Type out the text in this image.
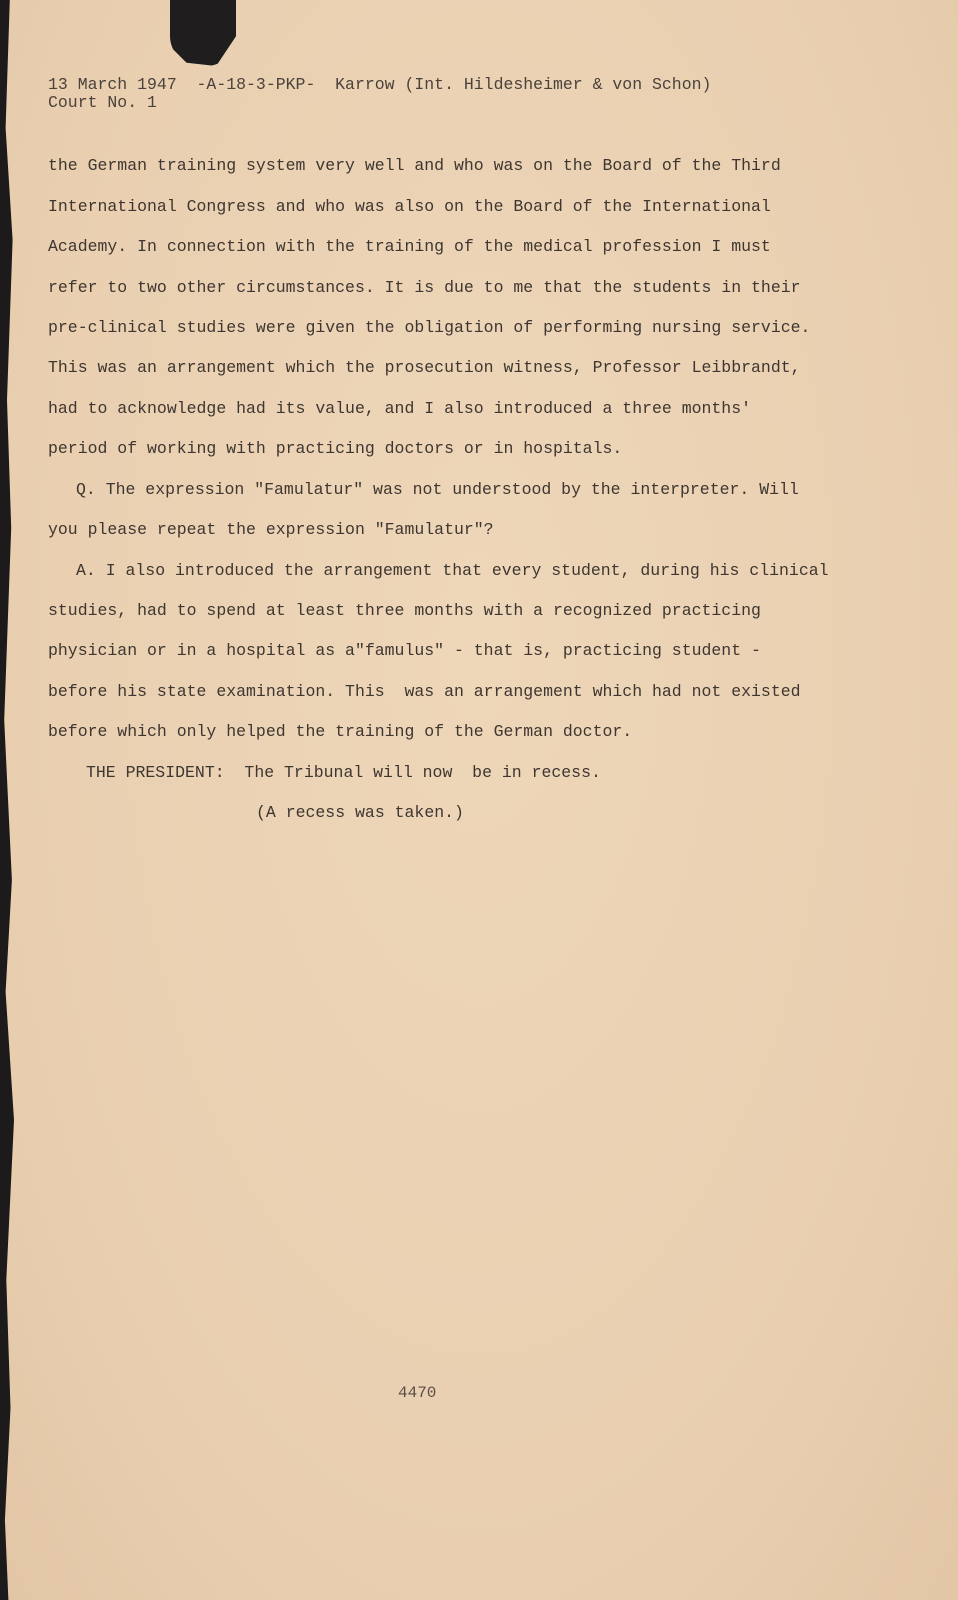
13 March 1947  -A-18-3-PKP-  Karrow (Int. Hildesheimer & von Schon)
Court No. 1
the German training system very well and who was on the Board of the Third
International Congress and who was also on the Board of the International
Academy. In connection with the training of the medical profession I must
refer to two other circumstances. It is due to me that the students in their
pre-clinical studies were given the obligation of performing nursing service.
This was an arrangement which the prosecution witness, Professor Leibbrandt,
had to acknowledge had its value, and I also introduced a three months'
period of working with practicing doctors or in hospitals.
Q. The expression "Famulatur" was not understood by the interpreter. Will
you please repeat the expression "Famulatur"?
A. I also introduced the arrangement that every student, during his clinical
studies, had to spend at least three months with a recognized practicing
physician or in a hospital as a"famulus" - that is, practicing student -
before his state examination. This  was an arrangement which had not existed
before which only helped the training of the German doctor.
THE PRESIDENT:  The Tribunal will now  be in recess.
(A recess was taken.)
4470
